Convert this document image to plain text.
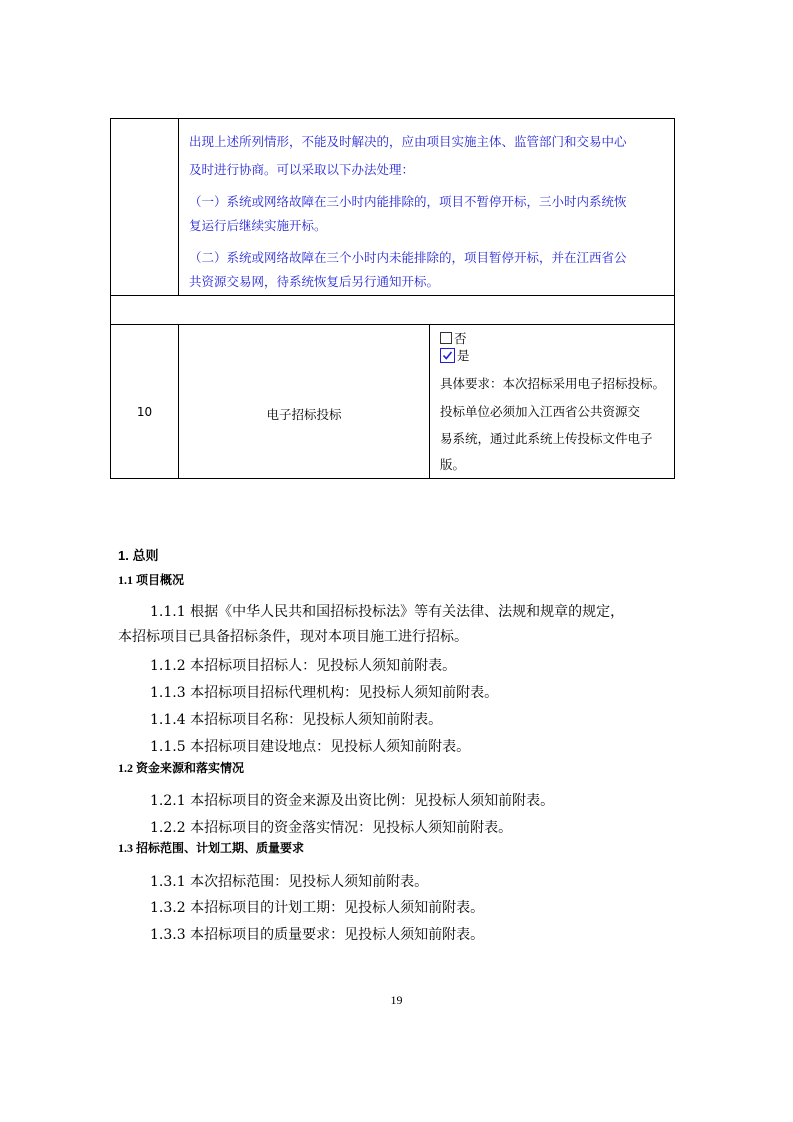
出现上述所列情形，不能及时解决的，应由项目实施主体、监管部门和交易中心
及时进行协商。可以采取以下办法处理：
（一）系统或网络故障在三小时内能排除的，项目不暂停开标，三小时内系统恢
复运行后继续实施开标。
（二）系统或网络故障在三个小时内未能排除的，项目暂停开标，并在江西省公
共资源交易网，待系统恢复后另行通知开标。
10	电子招标投标
否
是
具体要求：本次招标采用电子招标投标。
投标单位必须加入江西省公共资源交
易系统，通过此系统上传投标文件电子
版。
1. 总则
1.1 项目概况
1.1.1 根据《中华人民共和国招标投标法》等有关法律、法规和规章的规定，
本招标项目已具备招标条件，现对本项目施工进行招标。
1.1.2 本招标项目招标人：见投标人须知前附表。
1.1.3 本招标项目招标代理机构：见投标人须知前附表。
1.1.4 本招标项目名称：见投标人须知前附表。
1.1.5 本招标项目建设地点：见投标人须知前附表。
1.2 资金来源和落实情况
1.2.1 本招标项目的资金来源及出资比例：见投标人须知前附表。
1.2.2 本招标项目的资金落实情况：见投标人须知前附表。
1.3 招标范围、计划工期、质量要求
1.3.1 本次招标范围：见投标人须知前附表。
1.3.2 本招标项目的计划工期：见投标人须知前附表。
1.3.3 本招标项目的质量要求：见投标人须知前附表。
19
